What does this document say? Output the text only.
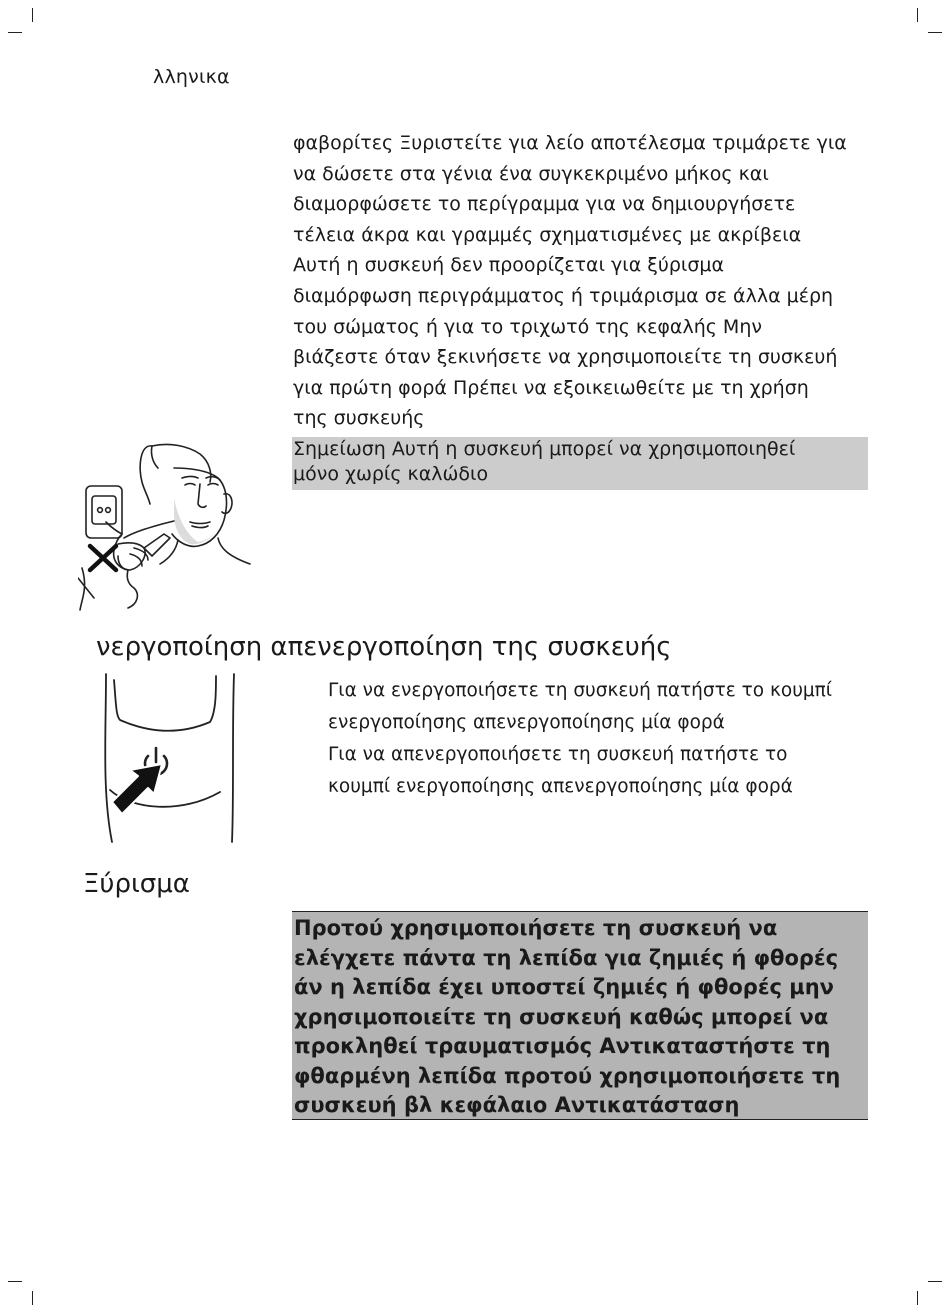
λληνικα
φαβορίτες Ξυριστείτε για λείο αποτέλεσμα τριμάρετε για
να δώσετε στα γένια ένα συγκεκριμένο μήκος και
διαμορφώσετε το περίγραμμα για να δημιουργήσετε
τέλεια άκρα και γραμμές σχηματισμένες με ακρίβεια
Αυτή η συσκευή δεν προορίζεται για ξύρισμα
διαμόρφωση περιγράμματος ή τριμάρισμα σε άλλα μέρη
του σώματος ή για το τριχωτό της κεφαλής Μην
βιάζεστε όταν ξεκινήσετε να χρησιμοποιείτε τη συσκευή
για πρώτη φορά Πρέπει να εξοικειωθείτε με τη χρήση
της συσκευής
Σημείωση Αυτή η συσκευή μπορεί να χρησιμοποιηθεί
μόνο χωρίς καλώδιο
νεργοποίηση απενεργοποίηση της συσκευής
Για να ενεργοποιήσετε τη συσκευή πατήστε το κουμπί
ενεργοποίησης απενεργοποίησης μία φορά
Για να απενεργοποιήσετε τη συσκευή πατήστε το
κουμπί ενεργοποίησης απενεργοποίησης μία φορά
Ξύρισμα
Προτού χρησιμοποιήσετε τη συσκευή να
ελέγχετε πάντα τη λεπίδα για ζημιές ή φθορές
άν η λεπίδα έχει υποστεί ζημιές ή φθορές μην
χρησιμοποιείτε τη συσκευή καθώς μπορεί να
προκληθεί τραυματισμός Αντικαταστήστε τη
φθαρμένη λεπίδα προτού χρησιμοποιήσετε τη
συσκευή βλ κεφάλαιο Αντικατάσταση
